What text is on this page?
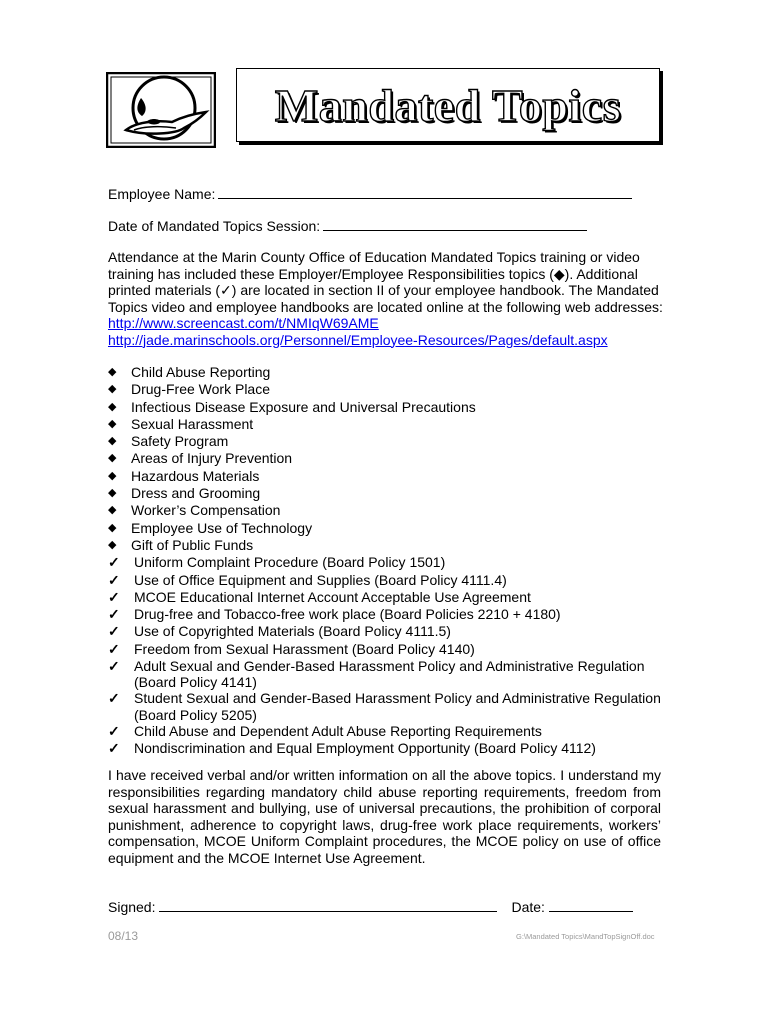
Mandated Topics
Employee Name:
Date of Mandated Topics Session:
Attendance at the Marin County Office of Education Mandated Topics training or video training has included these Employer/Employee Responsibilities topics (◆). Additional printed materials (✓) are located in section II of your employee handbook. The Mandated Topics video and employee handbooks are located online at the following web addresses:
http://www.screencast.com/t/NMIqW69AME
http://jade.marinschools.org/Personnel/Employee-Resources/Pages/default.aspx
◆	Child Abuse Reporting
◆	Drug-Free Work Place
◆	Infectious Disease Exposure and Universal Precautions
◆	Sexual Harassment
◆	Safety Program
◆	Areas of Injury Prevention
◆	Hazardous Materials
◆	Dress and Grooming
◆	Worker’s Compensation
◆	Employee Use of Technology
◆	Gift of Public Funds
✓	Uniform Complaint Procedure (Board Policy 1501)
✓	Use of Office Equipment and Supplies (Board Policy 4111.4)
✓	MCOE Educational Internet Account Acceptable Use Agreement
✓	Drug-free and Tobacco-free work place (Board Policies 2210 + 4180)
✓	Use of Copyrighted Materials (Board Policy 4111.5)
✓	Freedom from Sexual Harassment (Board Policy 4140)
✓	Adult Sexual and Gender-Based Harassment Policy and Administrative Regulation (Board Policy 4141)
✓	Student Sexual and Gender-Based Harassment Policy and Administrative Regulation (Board Policy 5205)
✓	Child Abuse and Dependent Adult Abuse Reporting Requirements
✓	Nondiscrimination and Equal Employment Opportunity (Board Policy 4112)
I have received verbal and/or written information on all the above topics. I understand my responsibilities regarding mandatory child abuse reporting requirements, freedom from sexual harassment and bullying, use of universal precautions, the prohibition of corporal punishment, adherence to copyright laws, drug-free work place requirements, workers’ compensation, MCOE Uniform Complaint procedures, the MCOE policy on use of office equipment and the MCOE Internet Use Agreement.
Signed:	Date:
08/13	G:\Mandated Topics\MandTopSignOff.doc
